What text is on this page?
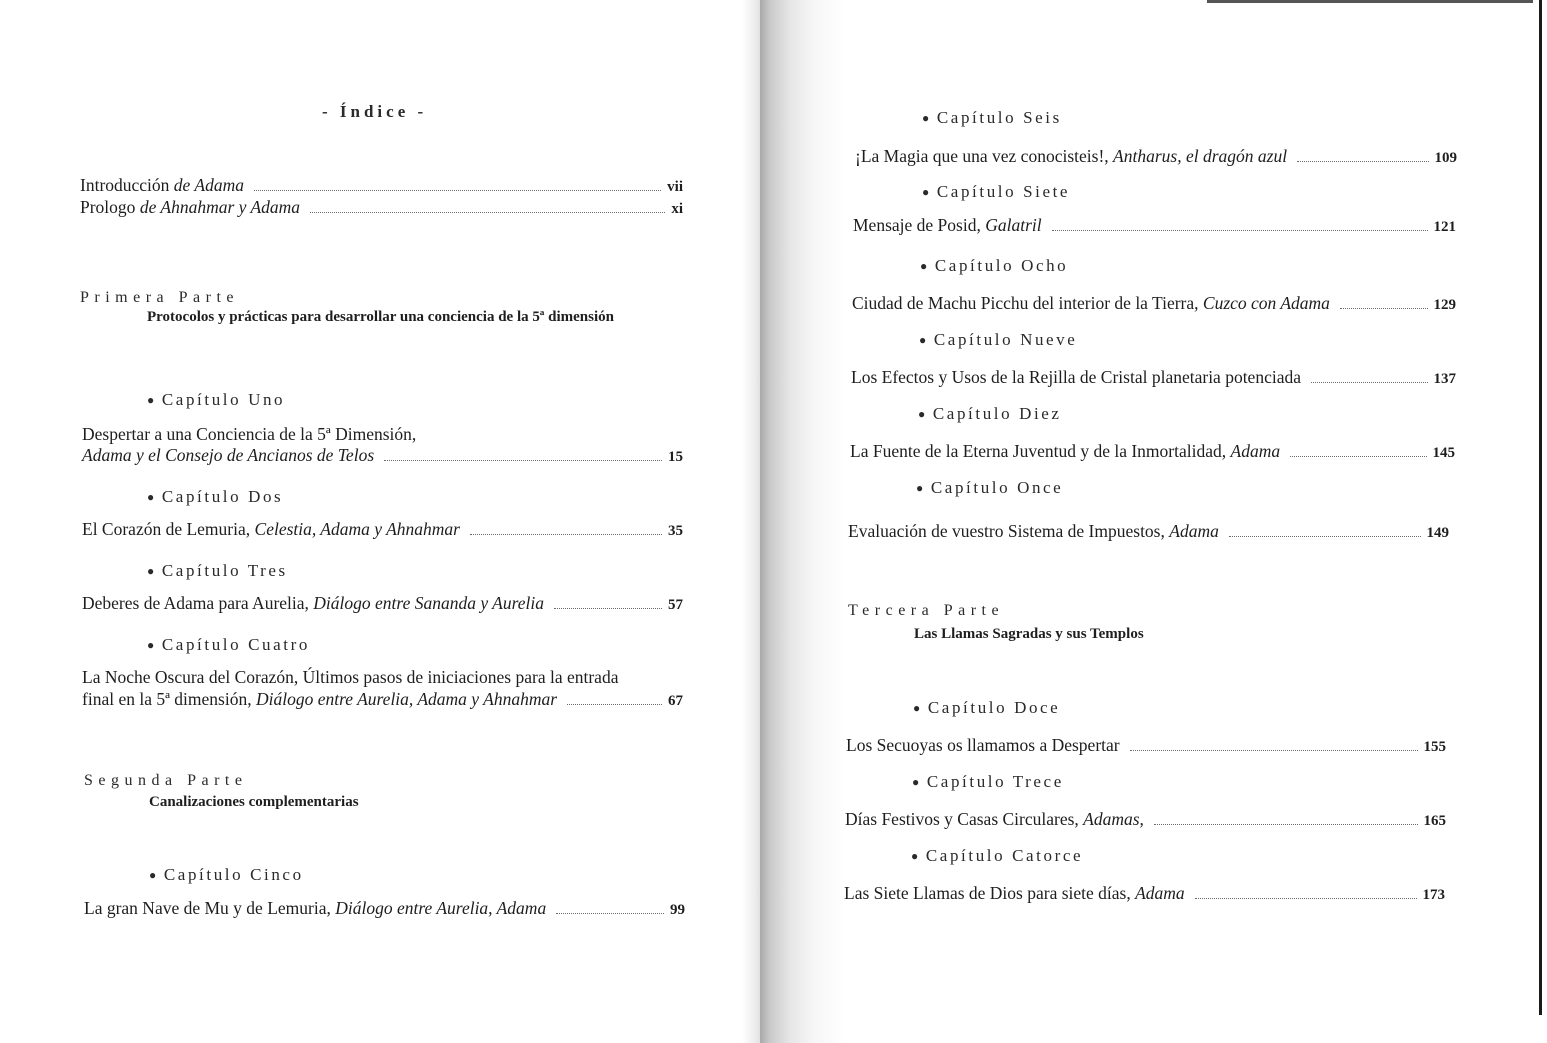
- Índice -
Introducción de Adama	vii
Prologo de Ahnahmar y Adama	xi
Primera Parte
Protocolos y prácticas para desarrollar una conciencia de la 5ª dimensión
● Capítulo Uno
Despertar a una Conciencia de la 5ª Dimensión,
Adama y el Consejo de Ancianos de Telos	15
● Capítulo Dos
El Corazón de Lemuria, Celestia, Adama y Ahnahmar	35
● Capítulo Tres
Deberes de Adama para Aurelia, Diálogo entre Sananda y Aurelia	57
● Capítulo Cuatro
La Noche Oscura del Corazón, Últimos pasos de iniciaciones para la entrada
final en la 5ª dimensión, Diálogo entre Aurelia, Adama y Ahnahmar	67
Segunda Parte
Canalizaciones complementarias
● Capítulo Cinco
La gran Nave de Mu y de Lemuria, Diálogo entre Aurelia, Adama	99
● Capítulo Seis
¡La Magia que una vez conocisteis!, Antharus, el dragón azul	109
● Capítulo Siete
Mensaje de Posid, Galatril	121
● Capítulo Ocho
Ciudad de Machu Picchu del interior de la Tierra, Cuzco con Adama	129
● Capítulo Nueve
Los Efectos y Usos de la Rejilla de Cristal planetaria potenciada	137
● Capítulo Diez
La Fuente de la Eterna Juventud y de la Inmortalidad, Adama	145
● Capítulo Once
Evaluación de vuestro Sistema de Impuestos, Adama	149
Tercera Parte
Las Llamas Sagradas y sus Templos
● Capítulo Doce
Los Secuoyas os llamamos a Despertar	155
● Capítulo Trece
Días Festivos y Casas Circulares, Adamas,	165
● Capítulo Catorce
Las Siete Llamas de Dios para siete días, Adama	173
